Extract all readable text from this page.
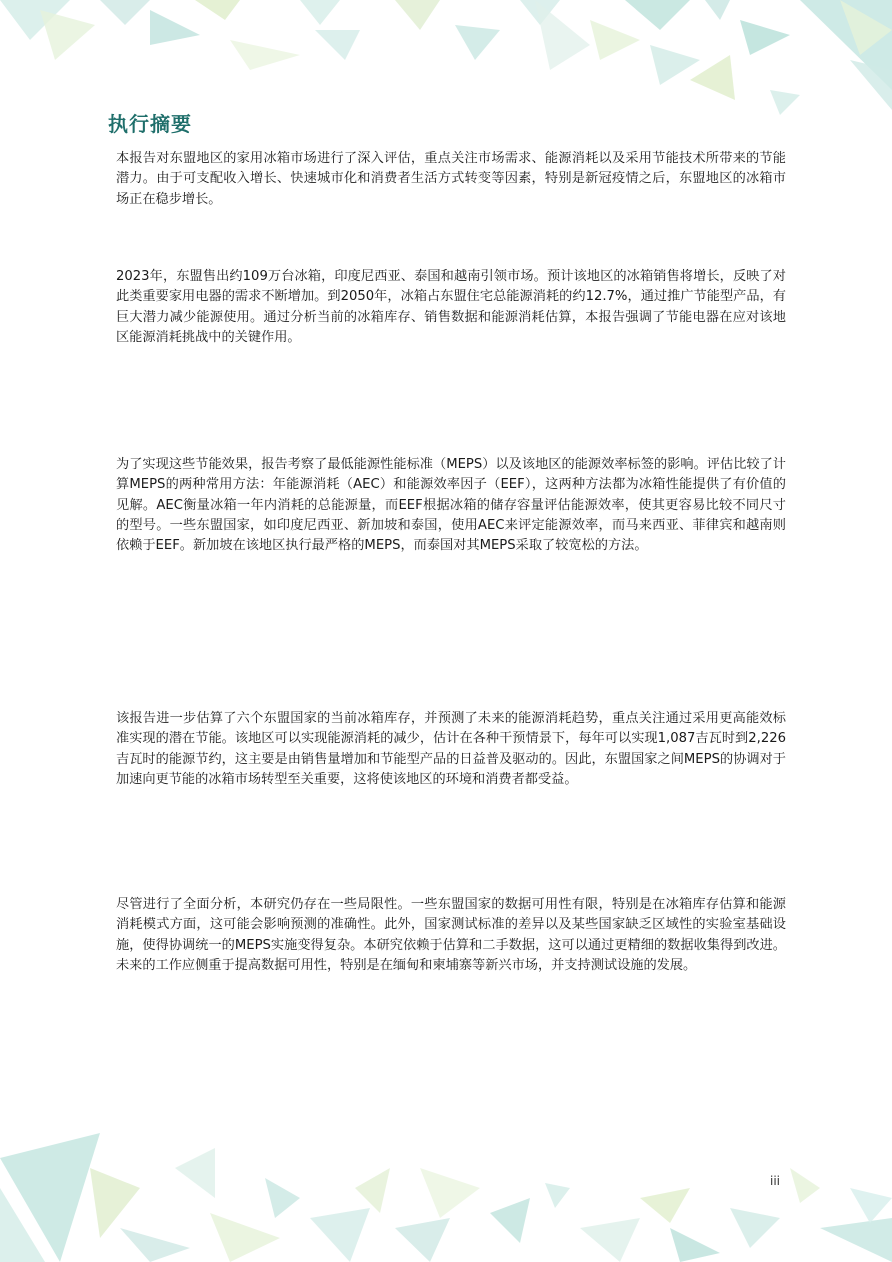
执行摘要

本报告对东盟地区的家用冰箱市场进行了深入评估，重点关注市场需求、能源消耗以及采用节能技术所带来的节能潜力。由于可支配收入增长、快速城市化和消费者生活方式转变等因素，特别是新冠疫情之后，东盟地区的冰箱市场正在稳步增长。

2023年，东盟售出约109万台冰箱，印度尼西亚、泰国和越南引领市场。预计该地区的冰箱销售将增长，反映了对此类重要家用电器的需求不断增加。到2050年，冰箱占东盟住宅总能源消耗的约12.7%，通过推广节能型产品，有巨大潜力减少能源使用。通过分析当前的冰箱库存、销售数据和能源消耗估算，本报告强调了节能电器在应对该地区能源消耗挑战中的关键作用。

为了实现这些节能效果，报告考察了最低能源性能标准（MEPS）以及该地区的能源效率标签的影响。评估比较了计算MEPS的两种常用方法：年能源消耗（AEC）和能源效率因子（EEF），这两种方法都为冰箱性能提供了有价值的见解。AEC衡量冰箱一年内消耗的总能源量，而EEF根据冰箱的储存容量评估能源效率，使其更容易比较不同尺寸的型号。一些东盟国家，如印度尼西亚、新加坡和泰国，使用AEC来评定能源效率，而马来西亚、菲律宾和越南则依赖于EEF。新加坡在该地区执行最严格的MEPS，而泰国对其MEPS采取了较宽松的方法。

该报告进一步估算了六个东盟国家的当前冰箱库存，并预测了未来的能源消耗趋势，重点关注通过采用更高能效标准实现的潜在节能。该地区可以实现能源消耗的减少，估计在各种干预情景下，每年可以实现1,087吉瓦时到2,226吉瓦时的能源节约，这主要是由销售量增加和节能型产品的日益普及驱动的。因此，东盟国家之间MEPS的协调对于加速向更节能的冰箱市场转型至关重要，这将使该地区的环境和消费者都受益。

尽管进行了全面分析，本研究仍存在一些局限性。一些东盟国家的数据可用性有限，特别是在冰箱库存估算和能源消耗模式方面，这可能会影响预测的准确性。此外，国家测试标准的差异以及某些国家缺乏区域性的实验室基础设施，使得协调统一的MEPS实施变得复杂。本研究依赖于估算和二手数据，这可以通过更精细的数据收集得到改进。未来的工作应侧重于提高数据可用性，特别是在缅甸和柬埔寨等新兴市场，并支持测试设施的发展。

iii
